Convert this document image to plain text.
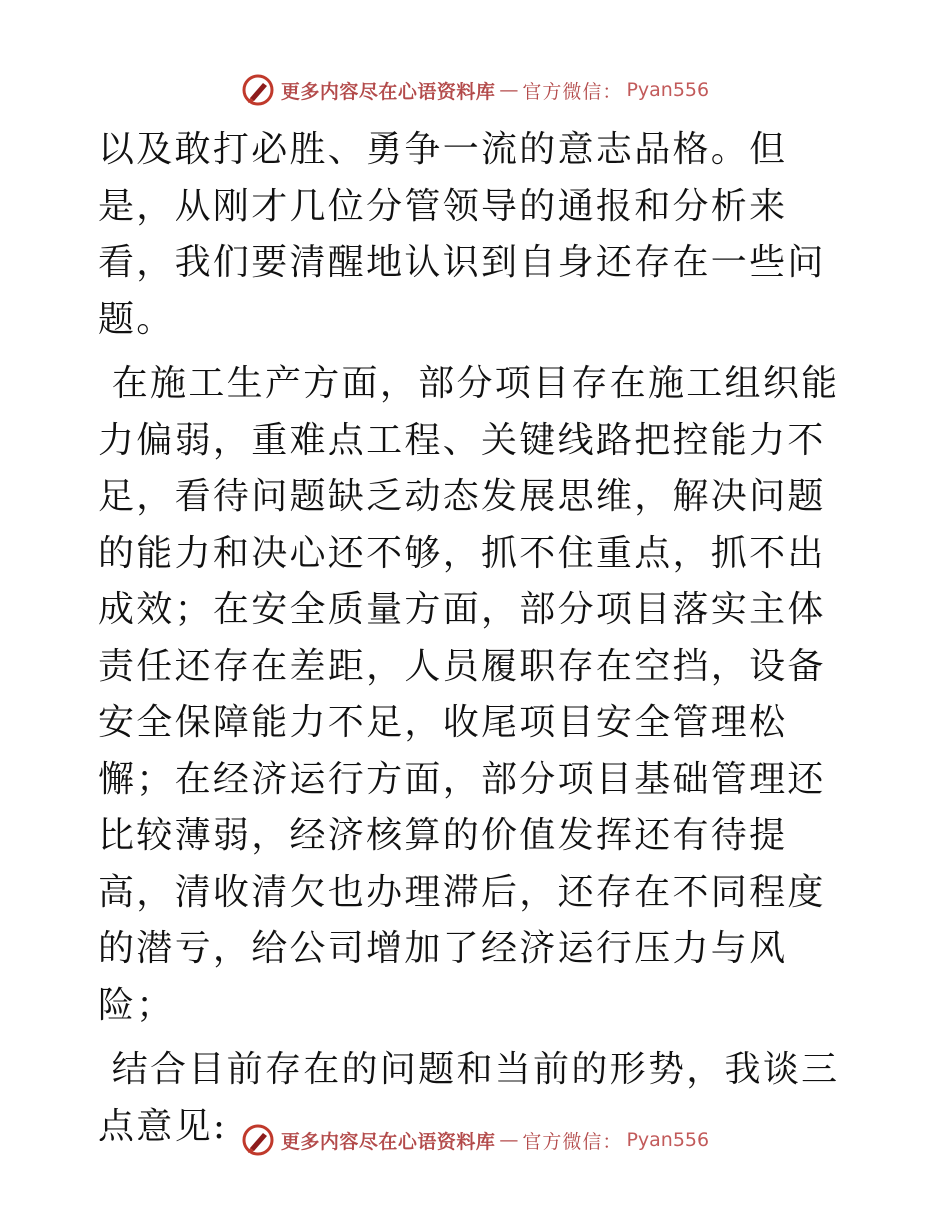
更多内容尽在心语资料库 — 官方微信： Pyan556

以及敢打必胜、勇争一流的意志品格。但是，从刚才几位分管领导的通报和分析来看，我们要清醒地认识到自身还存在一些问题。

在施工生产方面，部分项目存在施工组织能力偏弱，重难点工程、关键线路把控能力不足，看待问题缺乏动态发展思维，解决问题的能力和决心还不够，抓不住重点，抓不出成效；在安全质量方面，部分项目落实主体责任还存在差距，人员履职存在空挡，设备安全保障能力不足，收尾项目安全管理松懈；在经济运行方面，部分项目基础管理还比较薄弱，经济核算的价值发挥还有待提高，清收清欠也办理滞后，还存在不同程度的潜亏，给公司增加了经济运行压力与风险；

结合目前存在的问题和当前的形势，我谈三点意见:	更多内容尽在心语资料库 — 官方微信： Pyan556
